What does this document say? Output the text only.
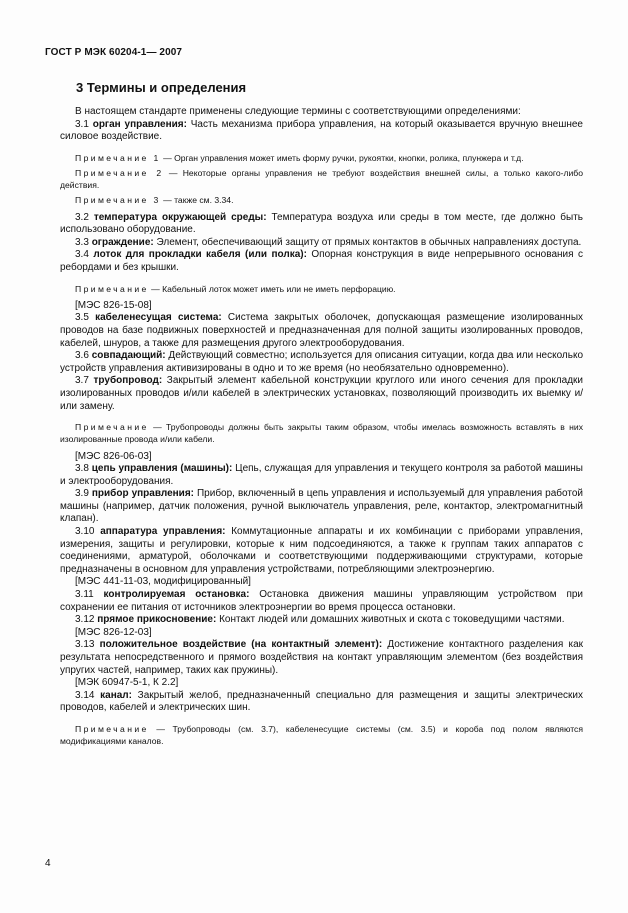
ГОСТ Р МЭК 60204-1— 2007
3 Термины и определения

В настоящем стандарте применены следующие термины с соответствующими определениями:

3.1 орган управления: Часть механизма прибора управления, на который оказывается вручную внешнее силовое воздействие.

Примечание 1 — Орган управления может иметь форму ручки, рукоятки, кнопки, ролика, плунжера и т.д.

Примечание 2 — Некоторые органы управления не требуют воздействия внешней силы, а только какого-либо действия.

Примечание 3 — также см. 3.34.

3.2 температура окружающей среды: Температура воздуха или среды в том месте, где должно быть использовано оборудование.

3.3 ограждение: Элемент, обеспечивающий защиту от прямых контактов в обычных направлениях доступа.

3.4 лоток для прокладки кабеля (или полка): Опорная конструкция в виде непрерывного основания с ребордами и без крышки.

Примечание — Кабельный лоток может иметь или не иметь перфорацию.

[МЭС 826-15-08]

3.5 кабеленесущая система: Система закрытых оболочек, допускающая размещение изолированных проводов на базе подвижных поверхностей и предназначенная для полной защиты изолированных проводов, кабелей, шнуров, а также для размещения другого электрооборудования.

3.6 совпадающий: Действующий совместно; используется для описания ситуации, когда два или несколько устройств управления активизированы в одно и то же время (но необязательно одновременно).

3.7 трубопровод: Закрытый элемент кабельной конструкции круглого или иного сечения для прокладки изолированных проводов и/или кабелей в электрических установках, позволяющий производить их выемку и/или замену.

Примечание — Трубопроводы должны быть закрыты таким образом, чтобы имелась возможность вставлять в них изолированные провода и/или кабели.

[МЭС 826-06-03]

3.8 цепь управления (машины): Цепь, служащая для управления и текущего контроля за работой машины и электрооборудования.

3.9 прибор управления: Прибор, включенный в цепь управления и используемый для управления работой машины (например, датчик положения, ручной выключатель управления, реле, контактор, электромагнитный клапан).

3.10 аппаратура управления: Коммутационные аппараты и их комбинации с приборами управления, измерения, защиты и регулировки, которые к ним подсоединяются, а также к группам таких аппаратов с соединениями, арматурой, оболочками и соответствующими поддерживающими структурами, которые предназначены в основном для управления устройствами, потребляющими электроэнергию.

[МЭС 441-11-03, модифицированный]

3.11 контролируемая остановка: Остановка движения машины управляющим устройством при сохранении ее питания от источников электроэнергии во время процесса остановки.

3.12 прямое прикосновение: Контакт людей или домашних животных и скота с токоведущими частями.

[МЭС 826-12-03]

3.13 положительное воздействие (на контактный элемент): Достижение контактного разделения как результата непосредственного и прямого воздействия на контакт управляющим элементом (без воздействия упругих частей, например, таких как пружины).

[МЭК 60947-5-1, К 2.2]

3.14 канал: Закрытый желоб, предназначенный специально для размещения и защиты электрических проводов, кабелей и электрических шин.

Примечание — Трубопроводы (см. 3.7), кабеленесущие системы (см. 3.5) и короба под полом являются модификациями каналов.

4
